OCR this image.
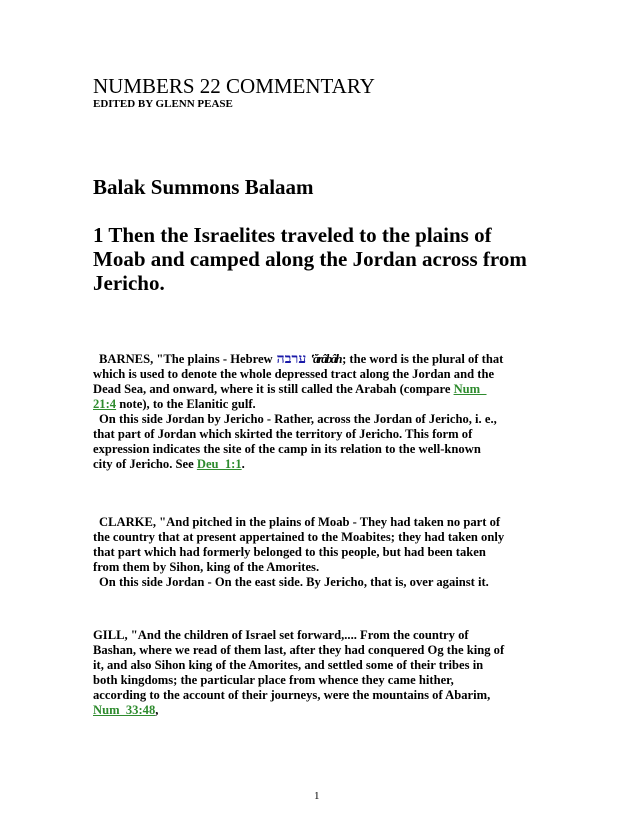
NUMBERS 22 COMMENTARY
EDITED BY GLENN PEASE
Balak Summons Balaam
1 Then the Israelites traveled to the plains of
Moab and camped along the Jordan across from
Jericho.
BARNES, "The plains - Hebrew ערבה ‛ărâbâh; the word is the plural of that
which is used to denote the whole depressed tract along the Jordan and the
Dead Sea, and onward, where it is still called the Arabah (compare Num_
21:4 note), to the Elanitic gulf.
On this side Jordan by Jericho - Rather, across the Jordan of Jericho, i. e.,
that part of Jordan which skirted the territory of Jericho. This form of
expression indicates the site of the camp in its relation to the well-known
city of Jericho. See Deu_1:1.
CLARKE, "And pitched in the plains of Moab - They had taken no part of
the country that at present appertained to the Moabites; they had taken only
that part which had formerly belonged to this people, but had been taken
from them by Sihon, king of the Amorites.
On this side Jordan - On the east side. By Jericho, that is, over against it.
GILL, "And the children of Israel set forward,.... From the country of
Bashan, where we read of them last, after they had conquered Og the king of
it, and also Sihon king of the Amorites, and settled some of their tribes in
both kingdoms; the particular place from whence they came hither,
according to the account of their journeys, were the mountains of Abarim,
Num_33:48,
1
